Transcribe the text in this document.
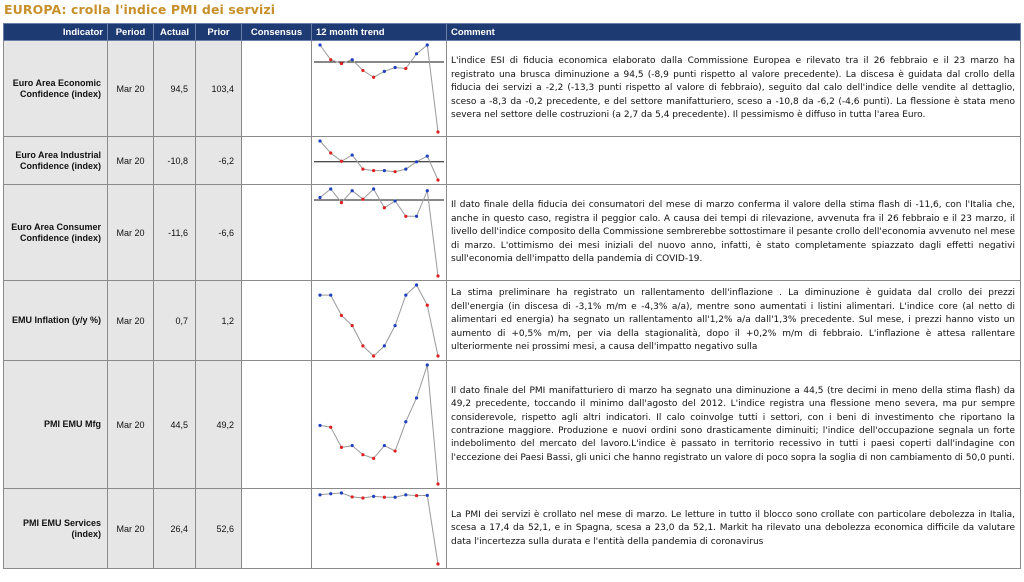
EUROPA: crolla l'indice PMI dei servizi
Indicator	Period	Actual	Prior	Consensus	12 month trend	Comment
Euro Area Economic Confidence (index)	Mar 20	94,5	103,4			L'indice ESI di fiducia economica elaborato dalla Commissione Europea e rilevato tra il 26 febbraio e il 23 marzo ha registrato una brusca diminuzione a 94,5 (-8,9 punti rispetto al valore precedente). La discesa è guidata dal crollo della fiducia dei servizi a -2,2 (-13,3 punti rispetto al valore di febbraio), seguito dal calo dell'indice delle vendite al dettaglio, sceso a -8,3 da -0,2 precedente, e del settore manifatturiero, sceso a -10,8 da -6,2 (-4,6 punti). La flessione è stata meno severa nel settore delle costruzioni (a 2,7 da 5,4 precedente). Il pessimismo è diffuso in tutta l'area Euro.

Euro Area Industrial Confidence (index)	Mar 20	-10,8	-6,2		

Euro Area Consumer Confidence (index)	Mar 20	-11,6	-6,6			Il dato finale della fiducia dei consumatori del mese di marzo conferma il valore della stima flash di -11,6, con l'Italia che, anche in questo caso, registra il peggior calo. A causa dei tempi di rilevazione, avvenuta fra il 26 febbraio e il 23 marzo, il livello dell'indice composito della Commissione sembrerebbe sottostimare il pesante crollo dell'economia avvenuto nel mese di marzo. L'ottimismo dei mesi iniziali del nuovo anno, infatti, è stato completamente spiazzato dagli effetti negativi sull'economia dell'impatto della pandemia di COVID-19.

EMU Inflation (y/y %)	Mar 20	0,7	1,2			La stima preliminare ha registrato un rallentamento dell'inflazione . La diminuzione è guidata dal crollo dei prezzi dell'energia (in discesa di -3,1% m/m e -4,3% a/a), mentre sono aumentati i listini alimentari. L'indice core (al netto di alimentari ed energia) ha segnato un rallentamento all'1,2% a/a dall'1,3% precedente. Sul mese, i prezzi hanno visto un aumento di +0,5% m/m, per via della stagionalità, dopo il +0,2% m/m di febbraio. L'inflazione è attesa rallentare ulteriormente nei prossimi mesi, a causa dell'impatto negativo sulla

PMI EMU Mfg	Mar 20	44,5	49,2			Il dato finale del PMI manifatturiero di marzo ha segnato una diminuzione a 44,5 (tre decimi in meno della stima flash) da 49,2 precedente, toccando il minimo dall'agosto del 2012. L'indice registra una flessione meno severa, ma pur sempre considerevole, rispetto agli altri indicatori. Il calo coinvolge tutti i settori, con i beni di investimento che riportano la contrazione maggiore. Produzione e nuovi ordini sono drasticamente diminuiti; l'indice dell'occupazione segnala un forte indebolimento del mercato del lavoro.L'indice è passato in territorio recessivo in tutti i paesi coperti dall'indagine con l'eccezione dei Paesi Bassi, gli unici che hanno registrato un valore di poco sopra la soglia di non cambiamento di 50,0 punti.

PMI EMU Services (index)	Mar 20	26,4	52,6			La PMI dei servizi è crollato nel mese di marzo. Le letture in tutto il blocco sono crollate con particolare debolezza in Italia, scesa a 17,4 da 52,1, e in Spagna, scesa a 23,0 da 52,1. Markit ha rilevato una debolezza economica difficile da valutare data l'incertezza sulla durata e l'entità della pandemia di coronavirus
